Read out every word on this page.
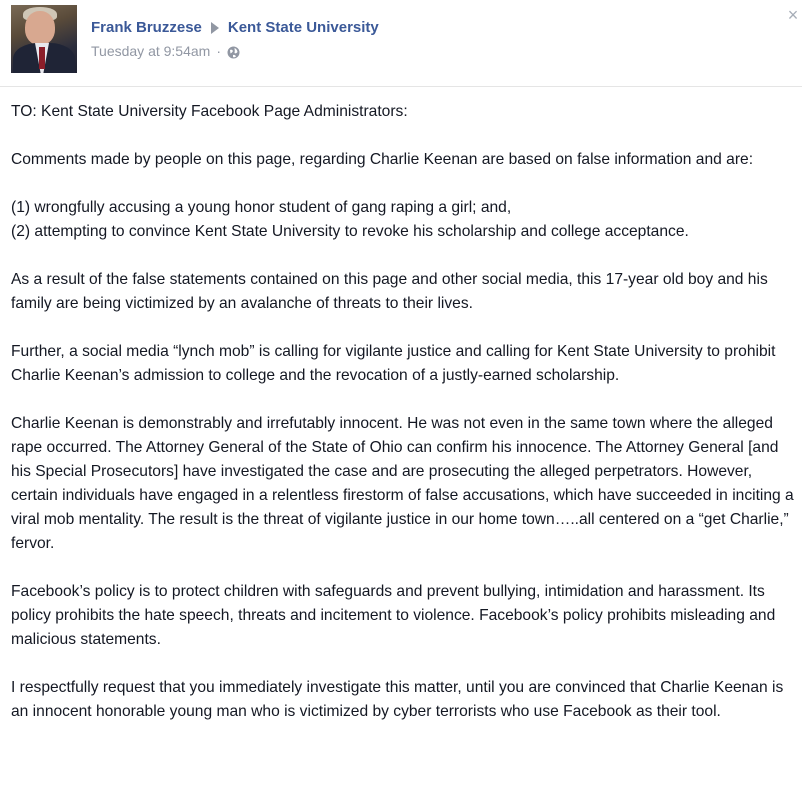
Frank Bruzzese Kent State University
Tuesday at 9:54am ·
×

TO: Kent State University Facebook Page Administrators:

Comments made by people on this page, regarding Charlie Keenan are based on false information and are:

(1) wrongfully accusing a young honor student of gang raping a girl; and,
(2) attempting to convince Kent State University to revoke his scholarship and college acceptance.

As a result of the false statements contained on this page and other social media, this 17-year old boy and his family are being victimized by an avalanche of threats to their lives.

Further, a social media “lynch mob” is calling for vigilante justice and calling for Kent State University to prohibit Charlie Keenan’s admission to college and the revocation of a justly-earned scholarship.

Charlie Keenan is demonstrably and irrefutably innocent. He was not even in the same town where the alleged rape occurred. The Attorney General of the State of Ohio can confirm his innocence. The Attorney General [and his Special Prosecutors] have investigated the case and are prosecuting the alleged perpetrators. However, certain individuals have engaged in a relentless firestorm of false accusations, which have succeeded in inciting a viral mob mentality. The result is the threat of vigilante justice in our home town…..all centered on a “get Charlie,” fervor.

Facebook’s policy is to protect children with safeguards and prevent bullying, intimidation and harassment. Its policy prohibits the hate speech, threats and incitement to violence. Facebook’s policy prohibits misleading and malicious statements.

I respectfully request that you immediately investigate this matter, until you are convinced that Charlie Keenan is an innocent honorable young man who is victimized by cyber terrorists who use Facebook as their tool.
